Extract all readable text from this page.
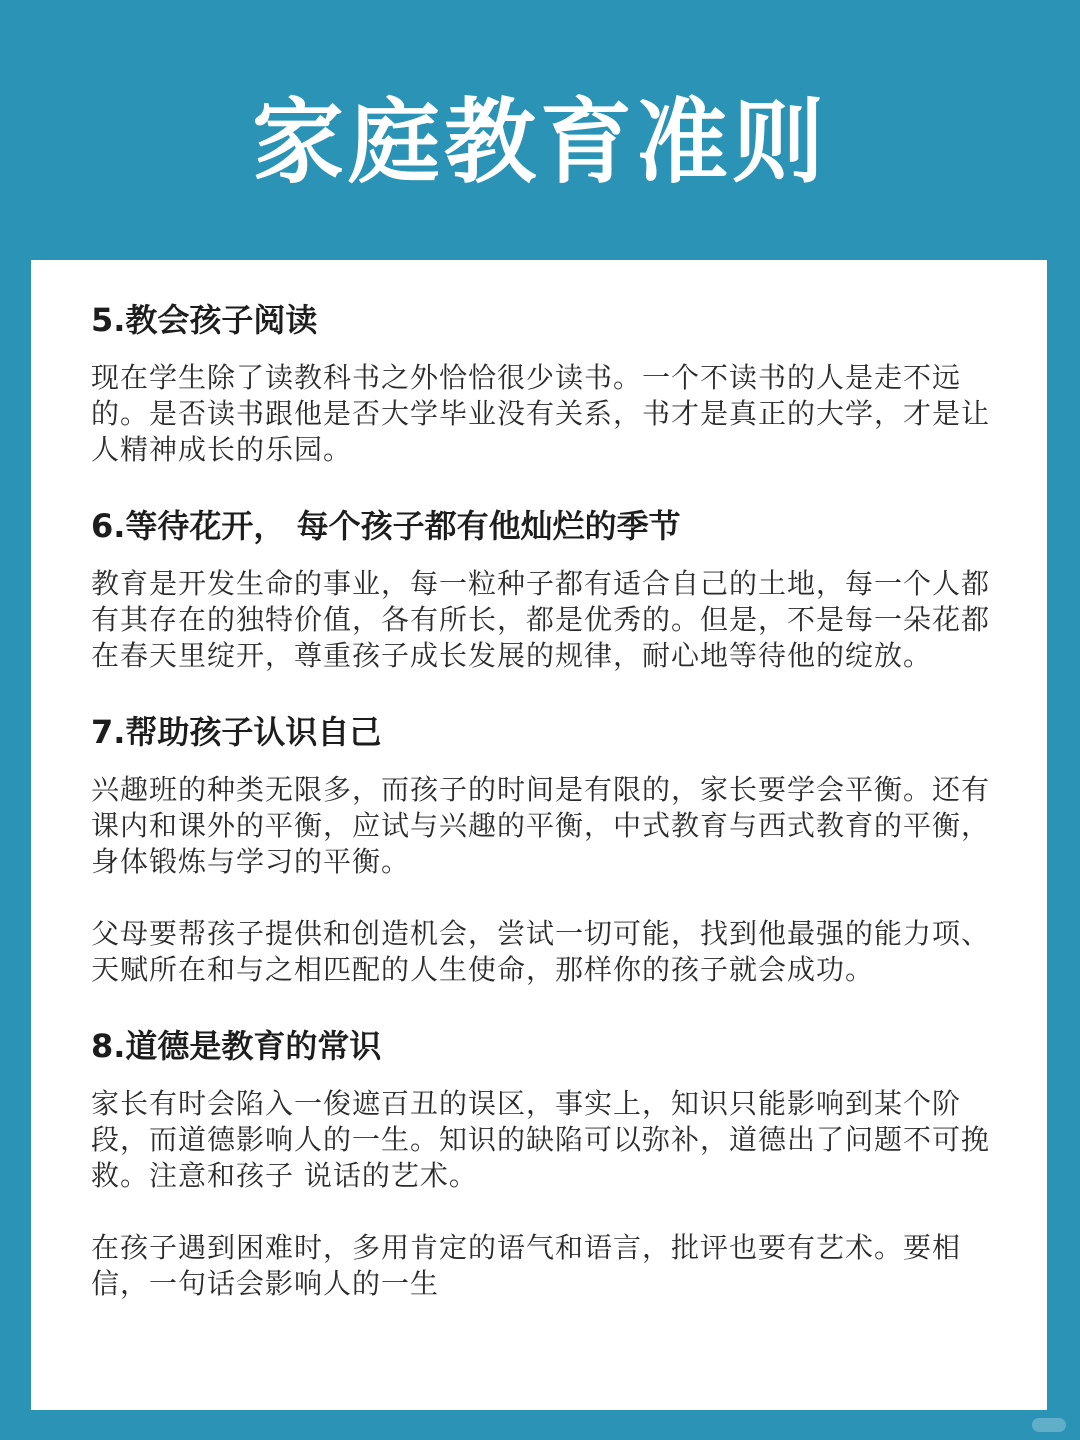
家庭教育准则
5.教会孩子阅读

现在学生除了读教科书之外恰恰很少读书。一个不读书的人是走不远的。是否读书跟他是否大学毕业没有关系，书才是真正的大学，才是让人精神成长的乐园。

6.等待花开， 每个孩子都有他灿烂的季节

教育是开发生命的事业，每一粒种子都有适合自己的土地，每一个人都有其存在的独特价值，各有所长，都是优秀的。但是，不是每一朵花都在春天里绽开，尊重孩子成长发展的规律，耐心地等待他的绽放。

7.帮助孩子认识自己

兴趣班的种类无限多，而孩子的时间是有限的，家长要学会平衡。还有课内和课外的平衡，应试与兴趣的平衡，中式教育与西式教育的平衡，身体锻炼与学习的平衡。

父母要帮孩子提供和创造机会，尝试一切可能，找到他最强的能力项、天赋所在和与之相匹配的人生使命，那样你的孩子就会成功。

8.道德是教育的常识

家长有时会陷入一俊遮百丑的误区，事实上，知识只能影响到某个阶段，而道德影响人的一生。知识的缺陷可以弥补，道德出了问题不可挽救。注意和孩子 说话的艺术。

在孩子遇到困难时，多用肯定的语气和语言，批评也要有艺术。要相信，一句话会影响人的一生
